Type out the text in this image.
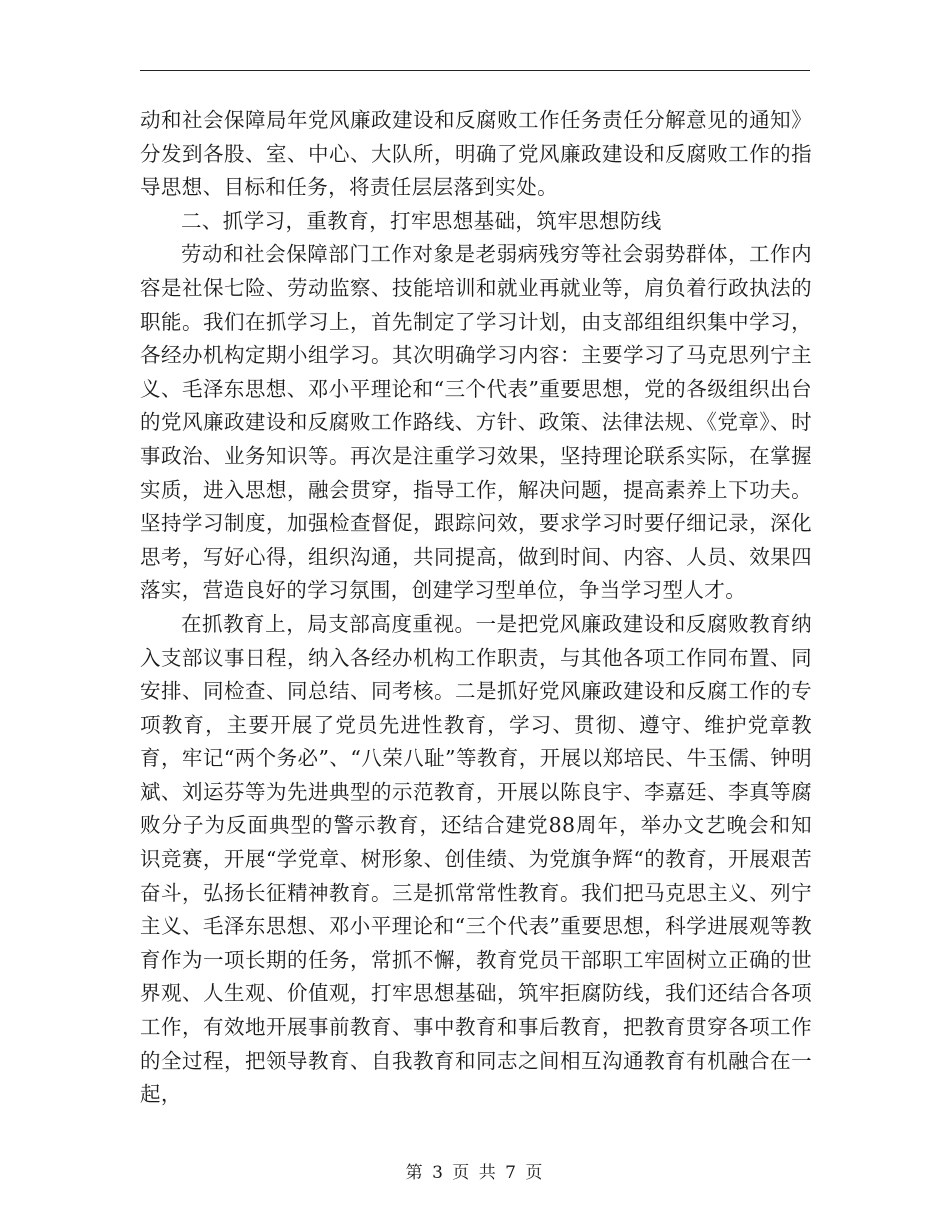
动和社会保障局年党风廉政建设和反腐败工作任务责任分解意见的通知》分发到各股、室、中心、大队所，明确了党风廉政建设和反腐败工作的指导思想、目标和任务，将责任层层落到实处。

二、抓学习，重教育，打牢思想基础，筑牢思想防线

劳动和社会保障部门工作对象是老弱病残穷等社会弱势群体，工作内容是社保七险、劳动监察、技能培训和就业再就业等，肩负着行政执法的职能。我们在抓学习上，首先制定了学习计划，由支部组组织集中学习，各经办机构定期小组学习。其次明确学习内容：主要学习了马克思列宁主义、毛泽东思想、邓小平理论和“三个代表”重要思想，党的各级组织出台的党风廉政建设和反腐败工作路线、方针、政策、法律法规、《党章》、时事政治、业务知识等。再次是注重学习效果，坚持理论联系实际，在掌握实质，进入思想，融会贯穿，指导工作，解决问题，提高素养上下功夫。坚持学习制度，加强检查督促，跟踪问效，要求学习时要仔细记录，深化思考，写好心得，组织沟通，共同提高，做到时间、内容、人员、效果四落实，营造良好的学习氛围，创建学习型单位，争当学习型人才。

在抓教育上，局支部高度重视。一是把党风廉政建设和反腐败教育纳入支部议事日程，纳入各经办机构工作职责，与其他各项工作同布置、同安排、同检查、同总结、同考核。二是抓好党风廉政建设和反腐工作的专项教育，主要开展了党员先进性教育，学习、贯彻、遵守、维护党章教育，牢记“两个务必”、“八荣八耻”等教育，开展以郑培民、牛玉儒、钟明斌、刘运芬等为先进典型的示范教育，开展以陈良宇、李嘉廷、李真等腐败分子为反面典型的警示教育，还结合建党88周年，举办文艺晚会和知识竞赛，开展“学党章、树形象、创佳绩、为党旗争辉“的教育，开展艰苦奋斗，弘扬长征精神教育。三是抓常常性教育。我们把马克思主义、列宁主义、毛泽东思想、邓小平理论和“三个代表”重要思想，科学进展观等教育作为一项长期的任务，常抓不懈，教育党员干部职工牢固树立正确的世界观、人生观、价值观，打牢思想基础，筑牢拒腐防线，我们还结合各项工作，有效地开展事前教育、事中教育和事后教育，把教育贯穿各项工作的全过程，把领导教育、自我教育和同志之间相互沟通教育有机融合在一起，

第 3 页 共 7 页
